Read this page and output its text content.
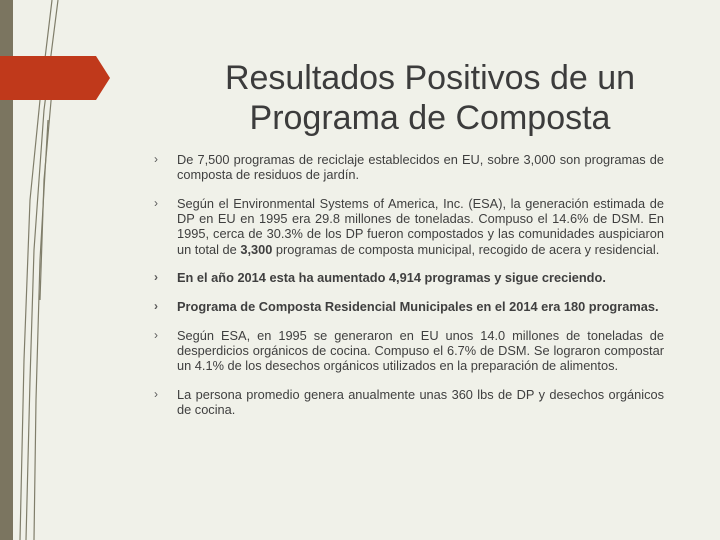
Resultados Positivos de un
Programa de Composta
› De 7,500 programas de reciclaje establecidos en EU, sobre 3,000 son programas de composta de residuos de jardín.
› Según el Environmental Systems of America, Inc. (ESA), la generación estimada de DP en EU en 1995 era 29.8 millones de toneladas. Compuso el 14.6% de DSM. En 1995, cerca de 30.3% de los DP fueron compostados y las comunidades auspiciaron un total de 3,300 programas de composta municipal, recogido de acera y residencial.
› En el año 2014 esta ha aumentado 4,914 programas y sigue creciendo.
› Programa de Composta Residencial Municipales en el 2014 era 180 programas.
› Según ESA, en 1995 se generaron en EU unos 14.0 millones de toneladas de desperdicios orgánicos de cocina. Compuso el 6.7% de DSM. Se lograron compostar un 4.1% de los desechos orgánicos utilizados en la preparación de alimentos.
› La persona promedio genera anualmente unas 360 lbs de DP y desechos orgánicos de cocina.
